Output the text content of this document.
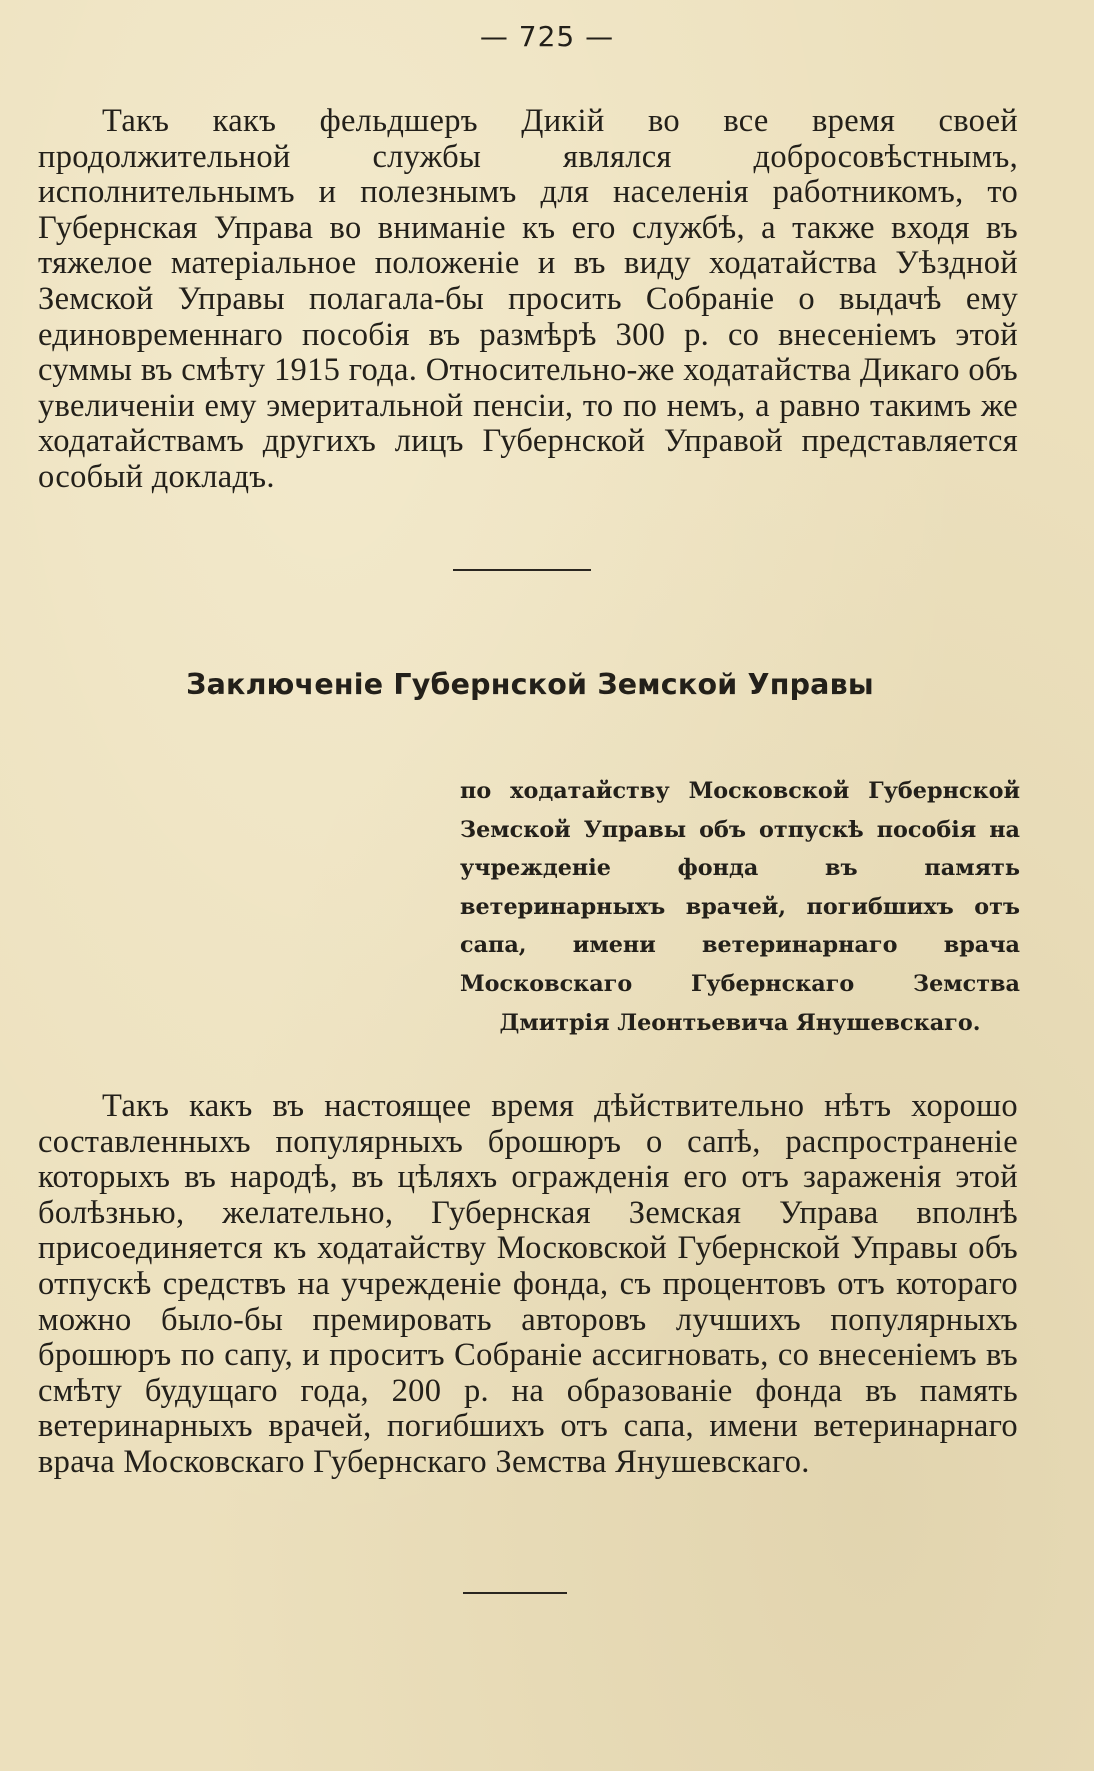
— 725 —

Такъ какъ фельдшеръ Дикій во все время своей продолжительной службы являлся добросовѣстнымъ, исполнительнымъ и полезнымъ для населенія работникомъ, то Губернская Управа во вниманіе къ его службѣ, а также входя въ тяжелое матеріальное положеніе и въ виду ходатайства Уѣздной Земской Управы полагала-бы просить Собраніе о выдачѣ ему единовременнаго пособія въ размѣрѣ 300 р. со внесеніемъ этой суммы въ смѣту 1915 года. Относительно-же ходатайства Дикаго объ увеличеніи ему эмеритальной пенсіи, то по немъ, а равно такимъ же ходатайствамъ другихъ лицъ Губернской Управой представляется особый докладъ.

Заключеніе Губернской Земской Управы

по ходатайству Московской Губернской Земской Управы объ отпускѣ пособія на учрежденіе фонда въ память ветеринарныхъ врачей, погибшихъ отъ сапа, имени ветеринарнаго врача Московскаго Губернскаго Земства Дмитрія Леонтьевича Янушевскаго.

Такъ какъ въ настоящее время дѣйствительно нѣтъ хорошо составленныхъ популярныхъ брошюръ о сапѣ, распространеніе которыхъ въ народѣ, въ цѣляхъ огражденія его отъ зараженія этой болѣзнью, желательно, Губернская Земская Управа вполнѣ присоединяется къ ходатайству Московской Губернской Управы объ отпускѣ средствъ на учрежденіе фонда, съ процентовъ отъ котораго можно было-бы премировать авторовъ лучшихъ популярныхъ брошюръ по сапу, и проситъ Собраніе ассигновать, со внесеніемъ въ смѣту будущаго года, 200 р. на образованіе фонда въ память ветеринарныхъ врачей, погибшихъ отъ сапа, имени ветеринарнаго врача Московскаго Губернскаго Земства Янушевскаго.
